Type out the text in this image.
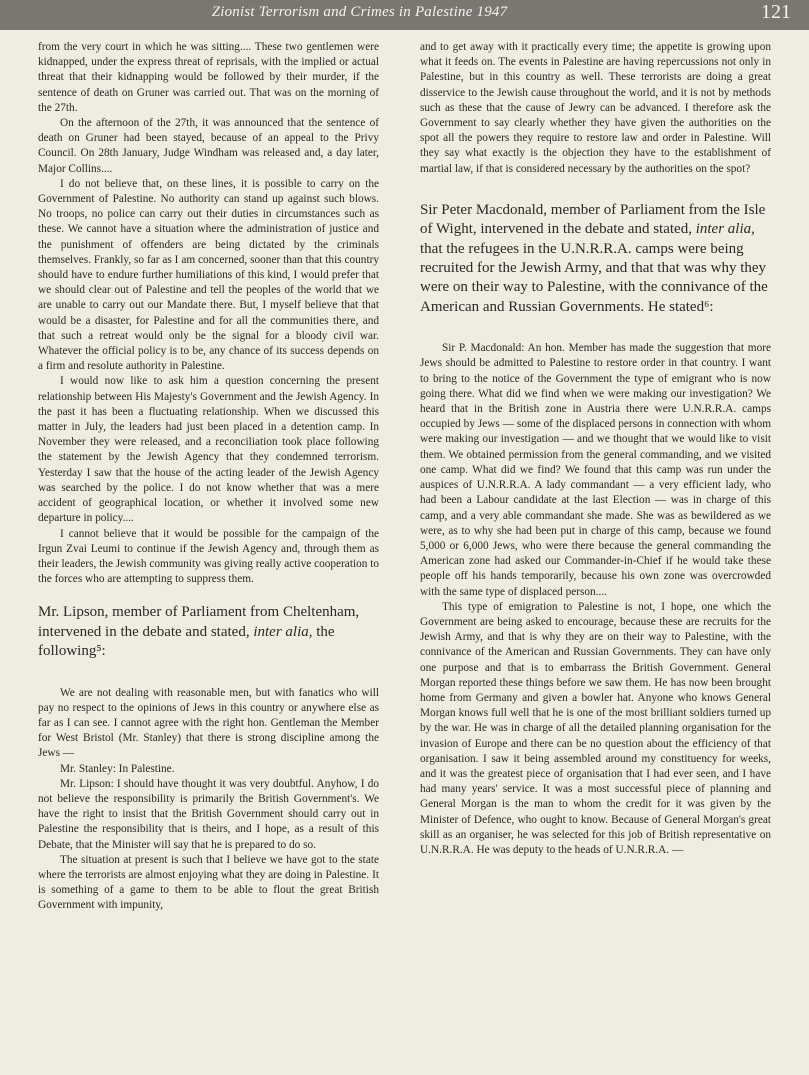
Zionist Terrorism and Crimes in Palestine 1947	121

from the very court in which he was sitting.... These two gentlemen were kidnapped, under the express threat of reprisals, with the implied or actual threat that their kidnapping would be followed by their murder, if the sentence of death on Gruner was carried out. That was on the morning of the 27th.

On the afternoon of the 27th, it was announced that the sentence of death on Gruner had been stayed, because of an appeal to the Privy Council. On 28th January, Judge Windham was released and, a day later, Major Collins....

I do not believe that, on these lines, it is possible to carry on the Government of Palestine. No authority can stand up against such blows. No troops, no police can carry out their duties in circumstances such as these. We cannot have a situation where the administration of justice and the punishment of offenders are being dictated by the criminals themselves. Frankly, so far as I am concerned, sooner than that this country should have to endure further humiliations of this kind, I would prefer that we should clear out of Palestine and tell the peoples of the world that we are unable to carry out our Mandate there. But, I myself believe that that would be a disaster, for Palestine and for all the communities there, and that such a retreat would only be the signal for a bloody civil war. Whatever the official policy is to be, any chance of its success depends on a firm and resolute authority in Palestine.

I would now like to ask him a question concerning the present relationship between His Majesty's Government and the Jewish Agency. In the past it has been a fluctuating relationship. When we discussed this matter in July, the leaders had just been placed in a detention camp. In November they were released, and a reconciliation took place following the statement by the Jewish Agency that they condemned terrorism. Yesterday I saw that the house of the acting leader of the Jewish Agency was searched by the police. I do not know whether that was a mere accident of geographical location, or whether it involved some new departure in policy....

I cannot believe that it would be possible for the campaign of the Irgun Zvai Leumi to continue if the Jewish Agency and, through them as their leaders, the Jewish community was giving really active cooperation to the forces who are attempting to suppress them.

Mr. Lipson, member of Parliament from Cheltenham, intervened in the debate and stated, inter alia, the following⁵:

We are not dealing with reasonable men, but with fanatics who will pay no respect to the opinions of Jews in this country or anywhere else as far as I can see. I cannot agree with the right hon. Gentleman the Member for West Bristol (Mr. Stanley) that there is strong discipline among the Jews —

Mr. Stanley: In Palestine.

Mr. Lipson: I should have thought it was very doubtful. Anyhow, I do not believe the responsibility is primarily the British Government's. We have the right to insist that the British Government should carry out in Palestine the responsibility that is theirs, and I hope, as a result of this Debate, that the Minister will say that he is prepared to do so.

The situation at present is such that I believe we have got to the state where the terrorists are almost enjoying what they are doing in Palestine. It is something of a game to them to be able to flout the great British Government with impunity,

and to get away with it practically every time; the appetite is growing upon what it feeds on. The events in Palestine are having repercussions not only in Palestine, but in this country as well. These terrorists are doing a great disservice to the Jewish cause throughout the world, and it is not by methods such as these that the cause of Jewry can be advanced. I therefore ask the Government to say clearly whether they have given the authorities on the spot all the powers they require to restore law and order in Palestine. Will they say what exactly is the objection they have to the establishment of martial law, if that is considered necessary by the authorities on the spot?

Sir Peter Macdonald, member of Parliament from the Isle of Wight, intervened in the debate and stated, inter alia, that the refugees in the U.N.R.R.A. camps were being recruited for the Jewish Army, and that that was why they were on their way to Palestine, with the connivance of the American and Russian Governments. He stated⁶:

Sir P. Macdonald: An hon. Member has made the suggestion that more Jews should be admitted to Palestine to restore order in that country. I want to bring to the notice of the Government the type of emigrant who is now going there. What did we find when we were making our investigation? We heard that in the British zone in Austria there were U.N.R.R.A. camps occupied by Jews — some of the displaced persons in connection with whom were making our investigation — and we thought that we would like to visit them. We obtained permission from the general commanding, and we visited one camp. What did we find? We found that this camp was run under the auspices of U.N.R.R.A. A lady commandant — a very efficient lady, who had been a Labour candidate at the last Election — was in charge of this camp, and a very able commandant she made. She was as bewildered as we were, as to why she had been put in charge of this camp, because we found 5,000 or 6,000 Jews, who were there because the general commanding the American zone had asked our Commander-in-Chief if he would take these people off his hands temporarily, because his own zone was overcrowded with the same type of displaced person....

This type of emigration to Palestine is not, I hope, one which the Government are being asked to encourage, because these are recruits for the Jewish Army, and that is why they are on their way to Palestine, with the connivance of the American and Russian Governments. They can have only one purpose and that is to embarrass the British Government. General Morgan reported these things before we saw them. He has now been brought home from Germany and given a bowler hat. Anyone who knows General Morgan knows full well that he is one of the most brilliant soldiers turned up by the war. He was in charge of all the detailed planning organisation for the invasion of Europe and there can be no question about the efficiency of that organisation. I saw it being assembled around my constituency for weeks, and it was the greatest piece of organisation that I had ever seen, and I have had many years' service. It was a most successful piece of planning and General Morgan is the man to whom the credit for it was given by the Minister of Defence, who ought to know. Because of General Morgan's great skill as an organiser, he was selected for this job of British representative on U.N.R.R.A. He was deputy to the heads of U.N.R.R.A. —
